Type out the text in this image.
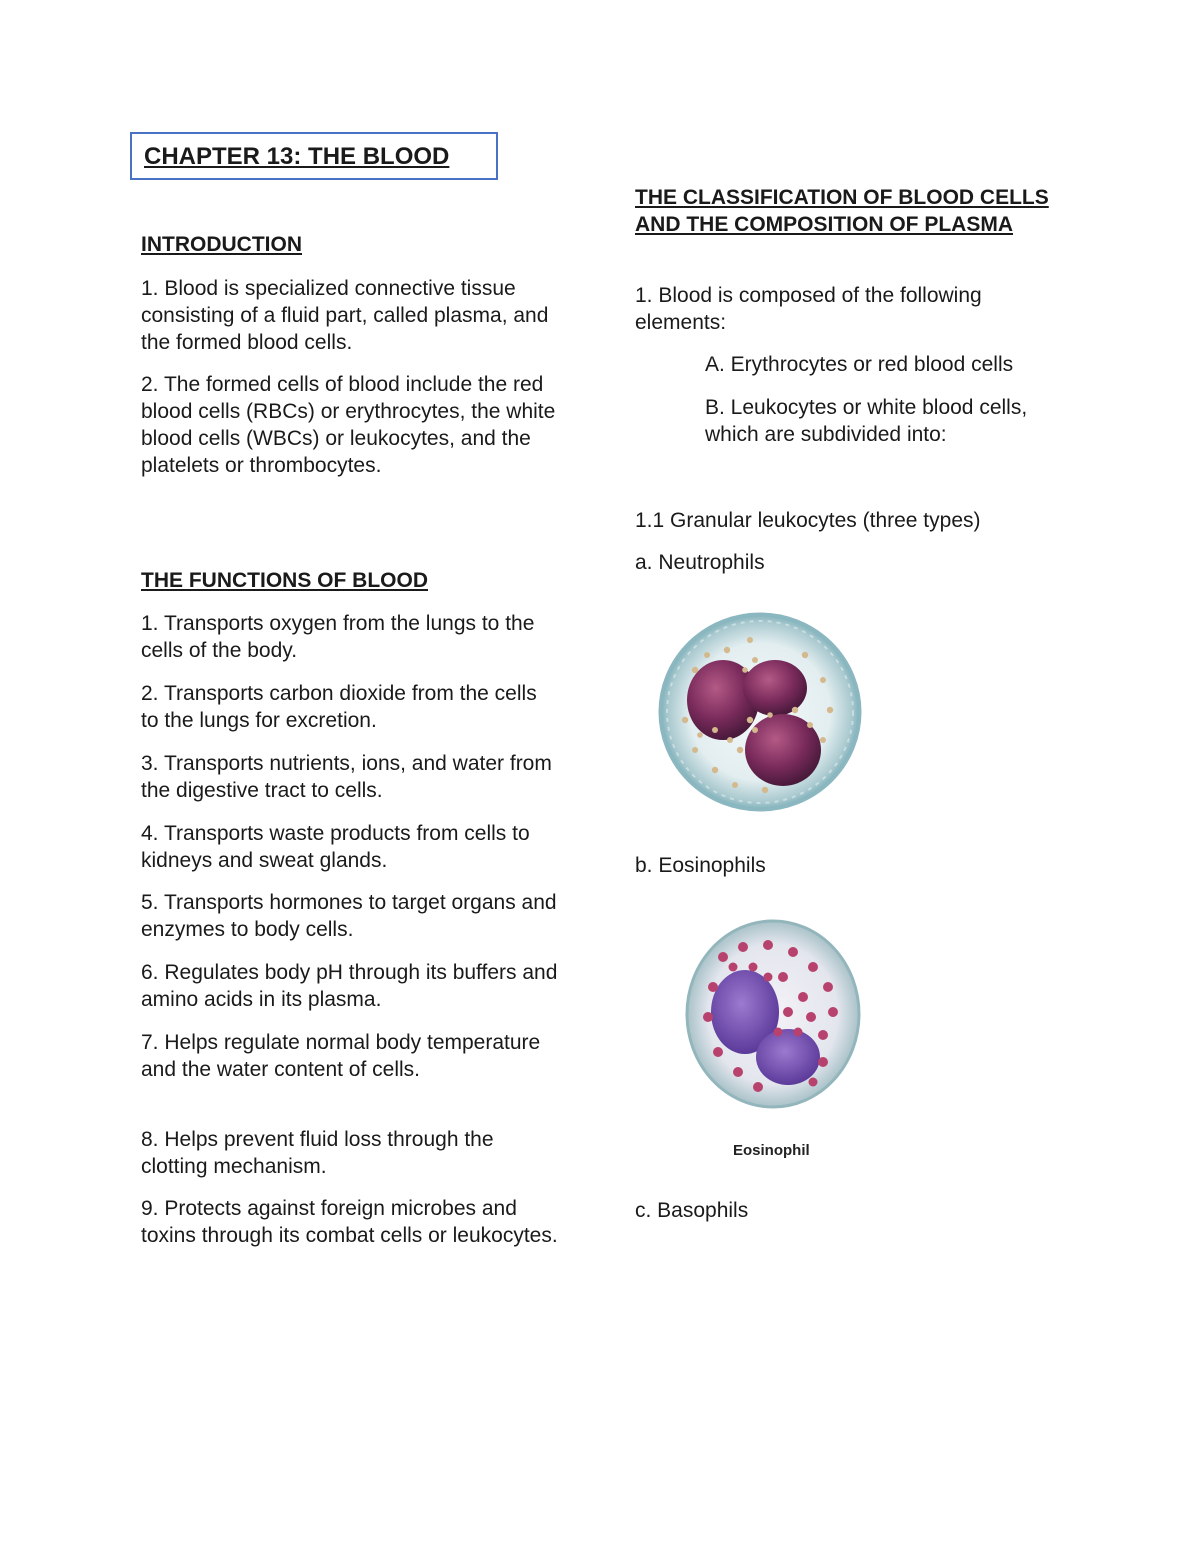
CHAPTER 13: THE BLOOD

INTRODUCTION

1. Blood is specialized connective tissue consisting of a fluid part, called plasma, and the formed blood cells.

2. The formed cells of blood include the red blood cells (RBCs) or erythrocytes, the white blood cells (WBCs) or leukocytes, and the platelets or thrombocytes.

THE FUNCTIONS OF BLOOD

1. Transports oxygen from the lungs to the cells of the body.

2. Transports carbon dioxide from the cells to the lungs for excretion.

3. Transports nutrients, ions, and water from the digestive tract to cells.

4. Transports waste products from cells to kidneys and sweat glands.

5. Transports hormones to target organs and enzymes to body cells.

6. Regulates body pH through its buffers and amino acids in its plasma.

7. Helps regulate normal body temperature and the water content of cells.

8. Helps prevent fluid loss through the clotting mechanism.

9. Protects against foreign microbes and toxins through its combat cells or leukocytes.

THE CLASSIFICATION OF BLOOD CELLS AND THE COMPOSITION OF PLASMA

1. Blood is composed of the following elements:

A. Erythrocytes or red blood cells

B. Leukocytes or white blood cells, which are subdivided into:

1.1 Granular leukocytes (three types)

a. Neutrophils

b. Eosinophils

Eosinophil

c. Basophils
